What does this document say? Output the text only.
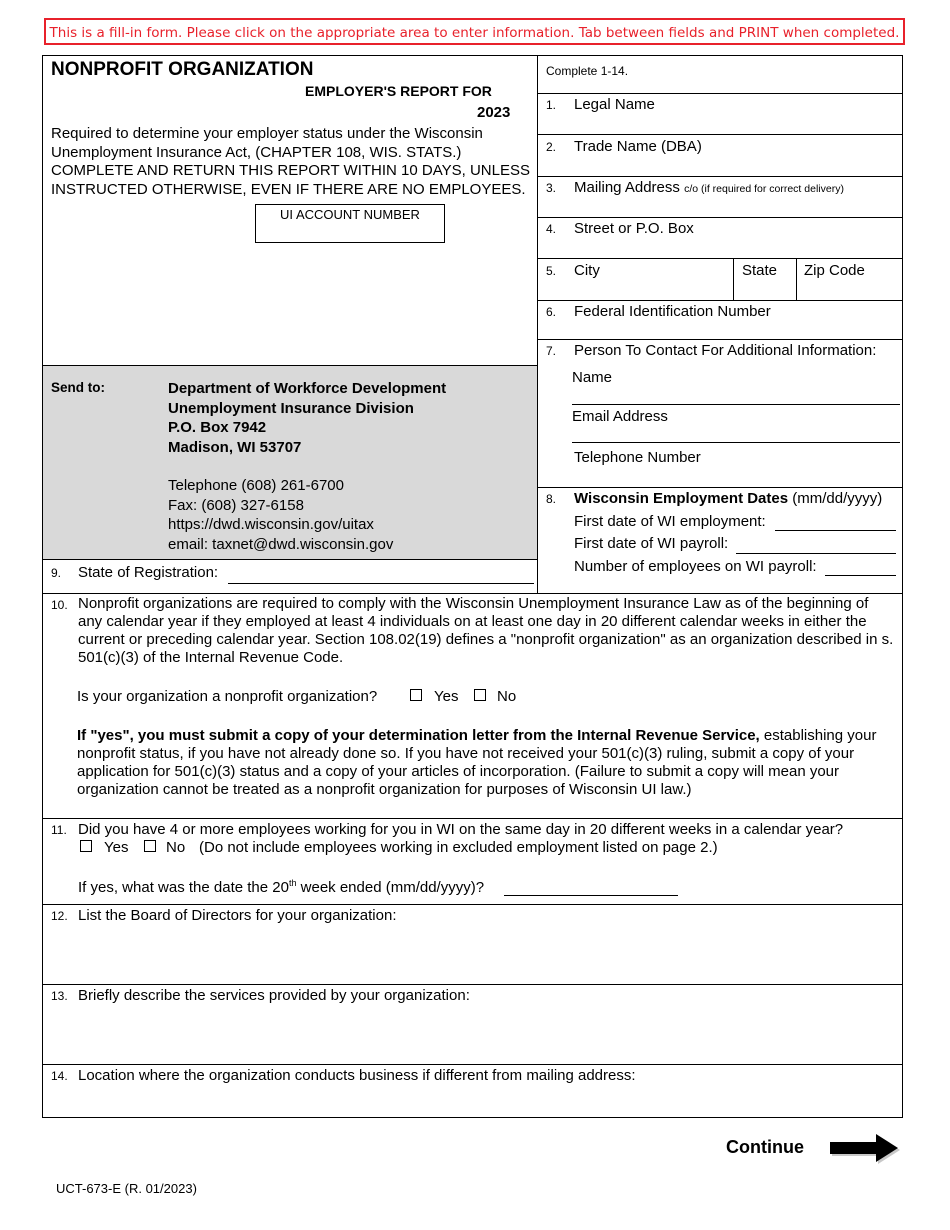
This is a fill-in form. Please click on the appropriate area to enter information. Tab between fields and PRINT when completed.
NONPROFIT ORGANIZATION
EMPLOYER'S REPORT FOR
2023
Required to determine your employer status under the Wisconsin Unemployment Insurance Act, (CHAPTER 108, WIS. STATS.) COMPLETE AND RETURN THIS REPORT WITHIN 10 DAYS, UNLESS INSTRUCTED OTHERWISE, EVEN IF THERE ARE NO EMPLOYEES.
UI ACCOUNT NUMBER
Send to:	Department of Workforce Development
Unemployment Insurance Division
P.O. Box 7942
Madison, WI 53707
Telephone (608) 261-6700
Fax: (608) 327-6158
https://dwd.wisconsin.gov/uitax
email: taxnet@dwd.wisconsin.gov
9. State of Registration:
Complete 1-14.
1. Legal Name
2. Trade Name (DBA)
3. Mailing Address c/o (if required for correct delivery)
4. Street or P.O. Box
5. City	State Zip Code
6. Federal Identification Number
7. Person To Contact For Additional Information:
Name
Email Address
Telephone Number
8. Wisconsin Employment Dates (mm/dd/yyyy)
First date of WI employment:
First date of WI payroll:
Number of employees on WI payroll:
10. Nonprofit organizations are required to comply with the Wisconsin Unemployment Insurance Law as of the beginning of any calendar year if they employed at least 4 individuals on at least one day in 20 different calendar weeks in either the current or preceding calendar year. Section 108.02(19) defines a "nonprofit organization" as an organization described in s. 501(c)(3) of the Internal Revenue Code.
Is your organization a nonprofit organization?	Yes	No
If "yes", you must submit a copy of your determination letter from the Internal Revenue Service, establishing your nonprofit status, if you have not already done so. If you have not received your 501(c)(3) ruling, submit a copy of your application for 501(c)(3) status and a copy of your articles of incorporation. (Failure to submit a copy will mean your organization cannot be treated as a nonprofit organization for purposes of Wisconsin UI law.)
11. Did you have 4 or more employees working for you in WI on the same day in 20 different weeks in a calendar year?
Yes	No (Do not include employees working in excluded employment listed on page 2.)
If yes, what was the date the 20th week ended (mm/dd/yyyy)?
12. List the Board of Directors for your organization:
13. Briefly describe the services provided by your organization:
14. Location where the organization conducts business if different from mailing address:
Continue
UCT-673-E (R. 01/2023)
